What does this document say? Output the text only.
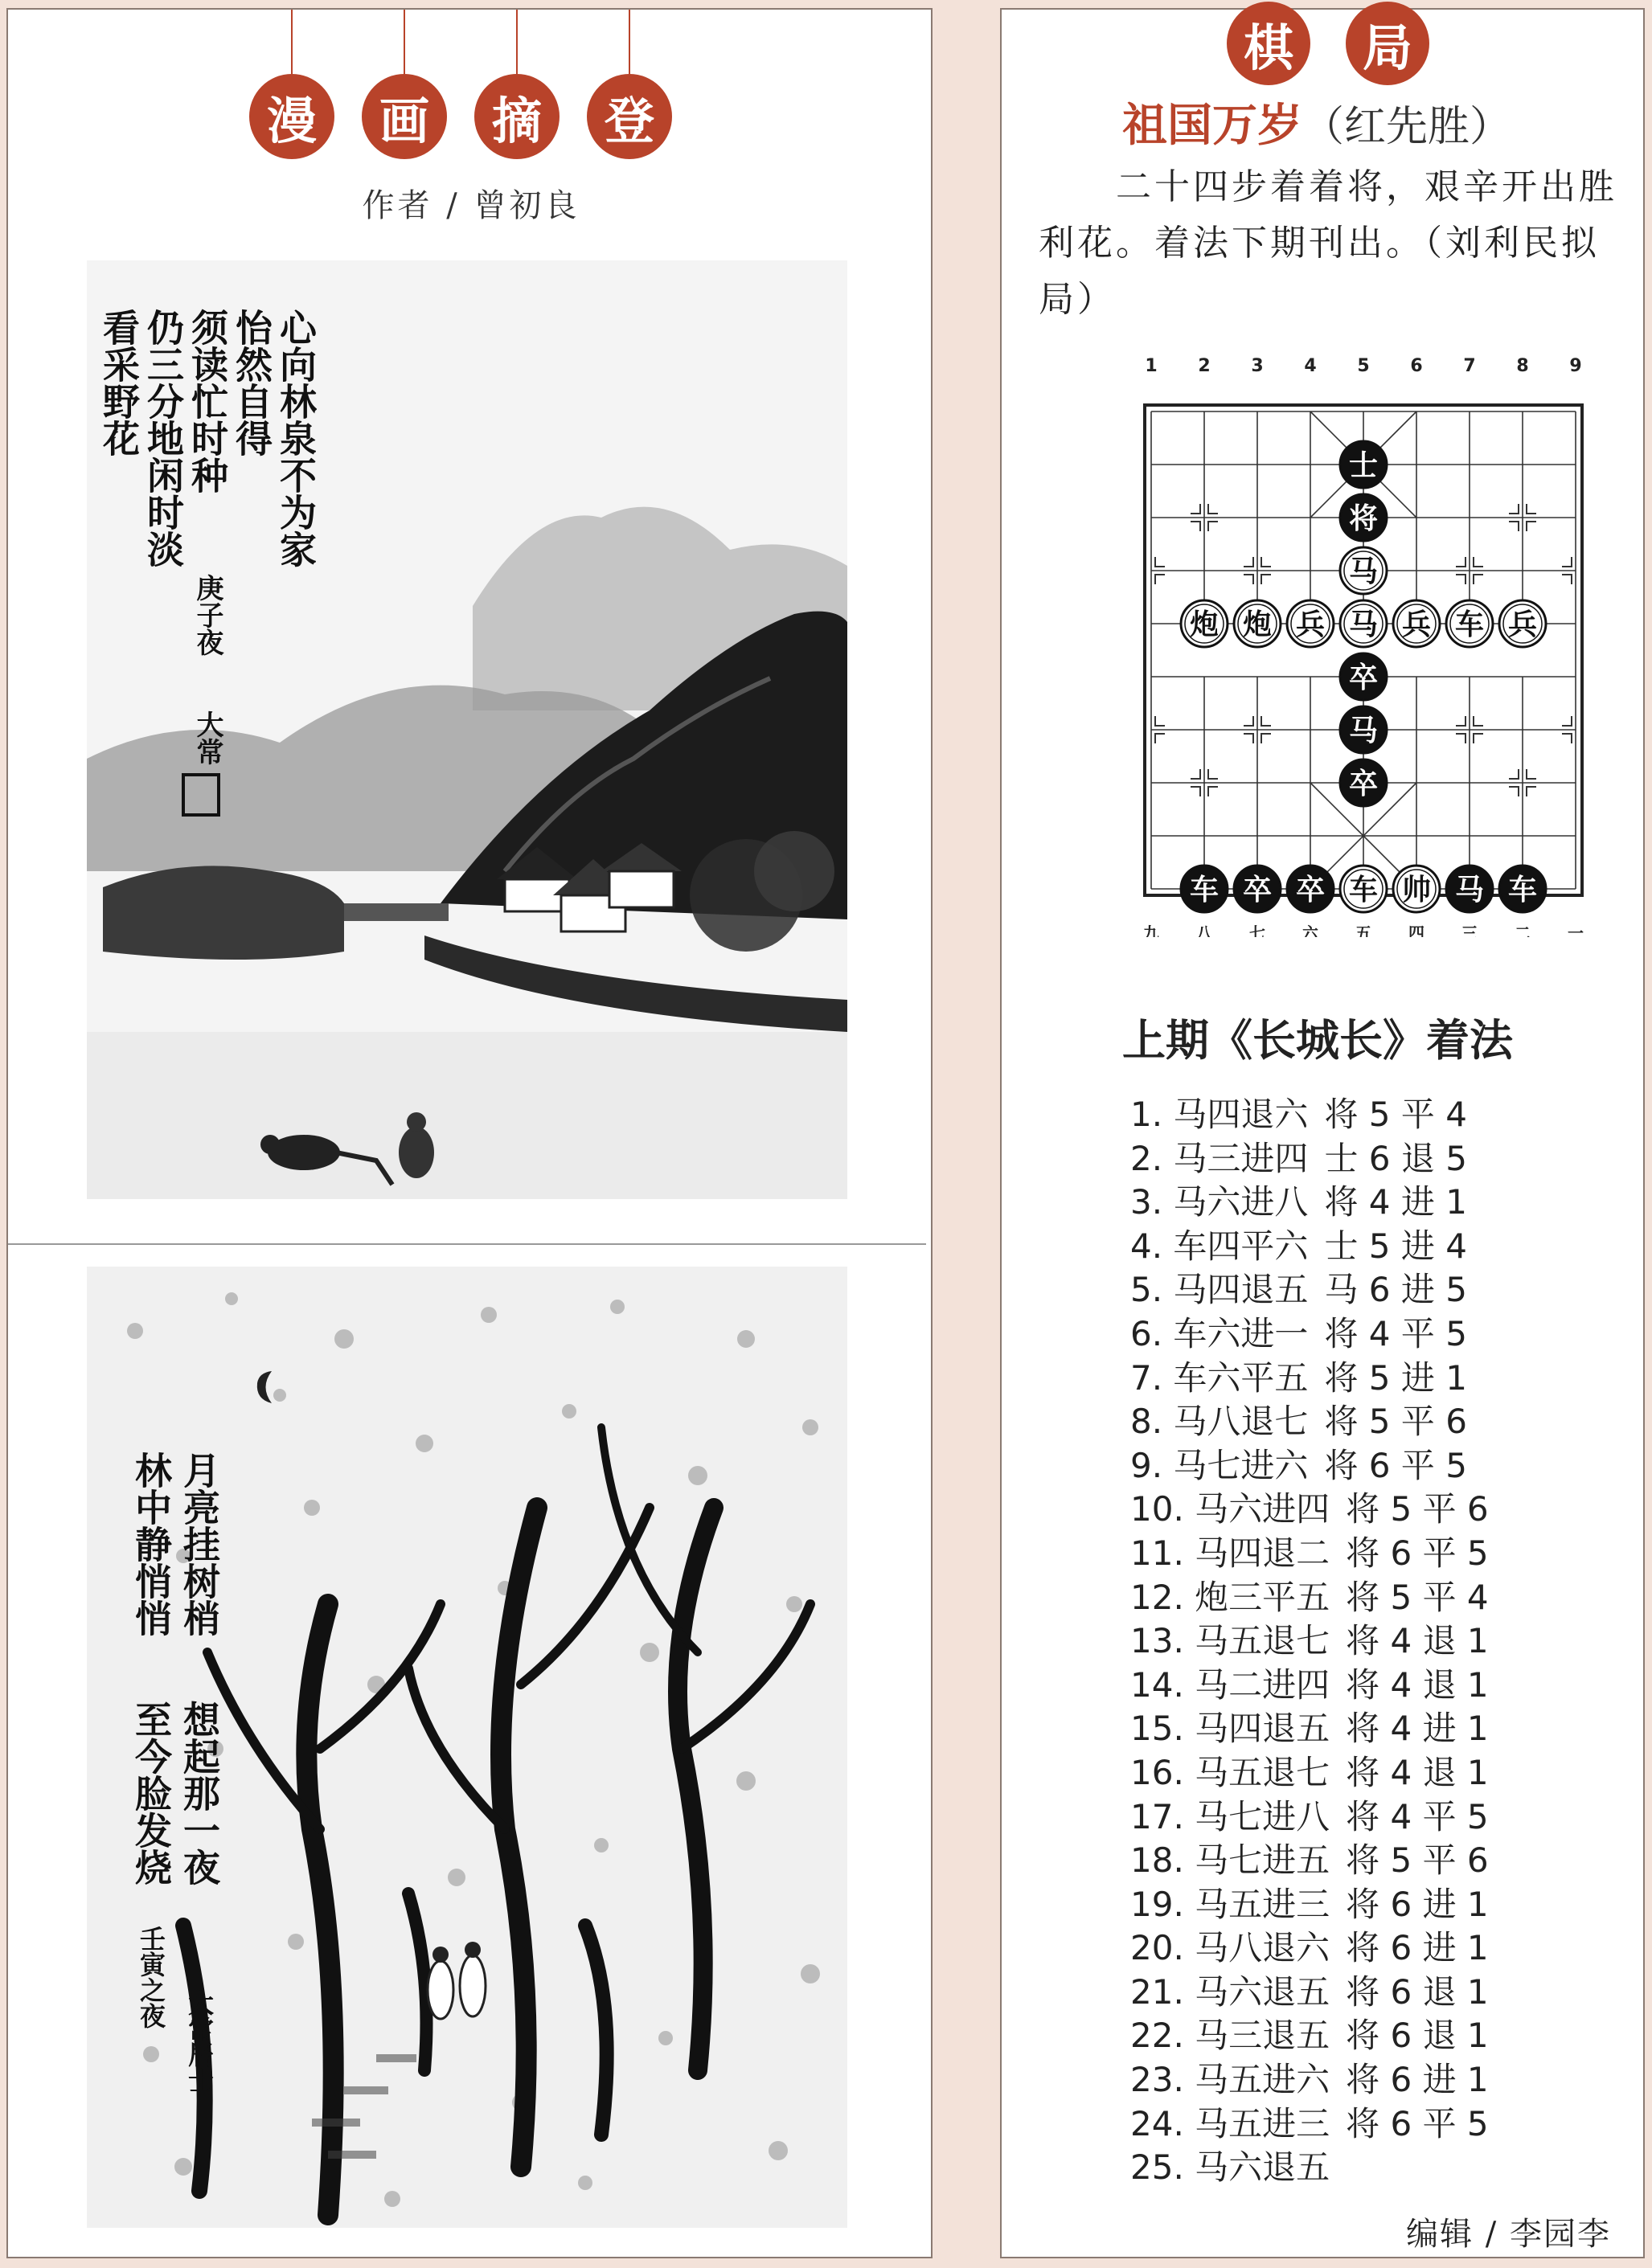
漫	画	摘	登
作者 / 曾初良
心向林泉不为家
怡然自得
须读忙时种
仍三分地闲时淡
看采野花
庚子夜
大常
月亮挂树梢
林中静悄悄
想起那一夜
至今脸发烧
壬寅之夜
大常居士
棋	局
祖国万岁（红先胜）
二十四步着着将，艰辛开出胜利花。着法下期刊出。（刘利民拟局）
1 2 3 4 5 6 7 8 9
九 八 七 六 五 四 三 二 一
士
将
马
炮 炮 兵 马 兵 车 兵
卒
马
卒
车 卒 卒 车 帅 马 车
上期《长城长》着法
1. 马四退六 将 5 平 4
2. 马三进四 士 6 退 5
3. 马六进八 将 4 进 1
4. 车四平六 士 5 进 4
5. 马四退五 马 6 进 5
6. 车六进一 将 4 平 5
7. 车六平五 将 5 进 1
8. 马八退七 将 5 平 6
9. 马七进六 将 6 平 5
10. 马六进四 将 5 平 6
11. 马四退二 将 6 平 5
12. 炮三平五 将 5 平 4
13. 马五退七 将 4 退 1
14. 马二进四 将 4 退 1
15. 马四退五 将 4 进 1
16. 马五退七 将 4 退 1
17. 马七进八 将 4 平 5
18. 马七进五 将 5 平 6
19. 马五进三 将 6 进 1
20. 马八退六 将 6 进 1
21. 马六退五 将 6 退 1
22. 马三退五 将 6 退 1
23. 马五进六 将 6 进 1
24. 马五进三 将 6 平 5
25. 马六退五
编辑 / 李园李
